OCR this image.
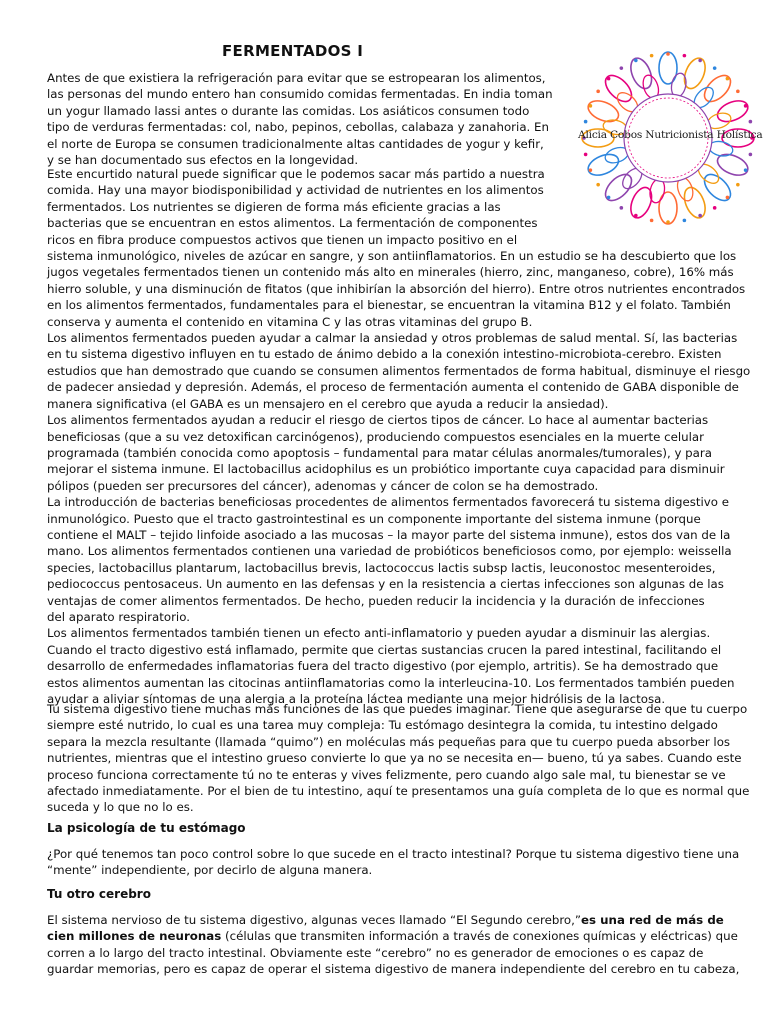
FERMENTADOS I
Alicia Cobos Nutricionista Holística
Antes de que existiera la refrigeración para evitar que se estropearan los alimentos,
las personas del mundo entero han consumido comidas fermentadas. En india toman
un yogur llamado lassi antes o durante las comidas. Los asiáticos consumen todo
tipo de verduras fermentadas: col, nabo, pepinos, cebollas, calabaza y zanahoria. En
el norte de Europa se consumen tradicionalmente altas cantidades de yogur y kefir,
y se han documentado sus efectos en la longevidad.
Este encurtido natural puede significar que le podemos sacar más partido a nuestra
comida. Hay una mayor biodisponibilidad y actividad de nutrientes en los alimentos
fermentados. Los nutrientes se digieren de forma más eficiente gracias a las
bacterias que se encuentran en estos alimentos. La fermentación de componentes
ricos en fibra produce compuestos activos que tienen un impacto positivo en el
sistema inmunológico, niveles de azúcar en sangre, y son antiinflamatorios. En un estudio se ha descubierto que los
jugos vegetales fermentados tienen un contenido más alto en minerales (hierro, zinc, manganeso, cobre), 16% más
hierro soluble, y una disminución de fitatos (que inhibirían la absorción del hierro). Entre otros nutrientes encontrados
en los alimentos fermentados, fundamentales para el bienestar, se encuentran la vitamina B12 y el folato. También
conserva y aumenta el contenido en vitamina C y las otras vitaminas del grupo B.
Los alimentos fermentados pueden ayudar a calmar la ansiedad y otros problemas de salud mental. Sí, las bacterias
en tu sistema digestivo influyen en tu estado de ánimo debido a la conexión intestino-microbiota-cerebro. Existen
estudios que han demostrado que cuando se consumen alimentos fermentados de forma habitual, disminuye el riesgo
de padecer ansiedad y depresión. Además, el proceso de fermentación aumenta el contenido de GABA disponible de
manera significativa (el GABA es un mensajero en el cerebro que ayuda a reducir la ansiedad).
Los alimentos fermentados ayudan a reducir el riesgo de ciertos tipos de cáncer. Lo hace al aumentar bacterias
beneficiosas (que a su vez detoxifican carcinógenos), produciendo compuestos esenciales en la muerte celular
programada (también conocida como apoptosis – fundamental para matar células anormales/tumorales), y para
mejorar el sistema inmune. El lactobacillus acidophilus es un probiótico importante cuya capacidad para disminuir
pólipos (pueden ser precursores del cáncer), adenomas y cáncer de colon se ha demostrado.
La introducción de bacterias beneficiosas procedentes de alimentos fermentados favorecerá tu sistema digestivo e
inmunológico. Puesto que el tracto gastrointestinal es un componente importante del sistema inmune (porque
contiene el MALT – tejido linfoide asociado a las mucosas – la mayor parte del sistema inmune), estos dos van de la
mano. Los alimentos fermentados contienen una variedad de probióticos beneficiosos como, por ejemplo: weissella
species, lactobacillus plantarum, lactobacillus brevis, lactococcus lactis subsp lactis, leuconostoc mesenteroides,
pediococcus pentosaceus. Un aumento en las defensas y en la resistencia a ciertas infecciones son algunas de las
ventajas de comer alimentos fermentados. De hecho, pueden reducir la incidencia y la duración de infecciones
del aparato respiratorio.
Los alimentos fermentados también tienen un efecto anti-inflamatorio y pueden ayudar a disminuir las alergias.
Cuando el tracto digestivo está inflamado, permite que ciertas sustancias crucen la pared intestinal, facilitando el
desarrollo de enfermedades inflamatorias fuera del tracto digestivo (por ejemplo, artritis). Se ha demostrado que
estos alimentos aumentan las citocinas antiinflamatorias como la interleucina-10. Los fermentados también pueden
ayudar a aliviar síntomas de una alergia a la proteína láctea mediante una mejor hidrólisis de la lactosa.
Tu sistema digestivo tiene muchas más funciones de las que puedes imaginar. Tiene que asegurarse de que tu cuerpo
siempre esté nutrido, lo cual es una tarea muy compleja: Tu estómago desintegra la comida, tu intestino delgado
separa la mezcla resultante (llamada “quimo”) en moléculas más pequeñas para que tu cuerpo pueda absorber los
nutrientes, mientras que el intestino grueso convierte lo que ya no se necesita en— bueno, tú ya sabes. Cuando este
proceso funciona correctamente tú no te enteras y vives felizmente, pero cuando algo sale mal, tu bienestar se ve
afectado inmediatamente. Por el bien de tu intestino, aquí te presentamos una guía completa de lo que es normal que
suceda y lo que no lo es.

La psicología de tu estómago

¿Por qué tenemos tan poco control sobre lo que sucede en el tracto intestinal? Porque tu sistema digestivo tiene una
“mente” independiente, por decirlo de alguna manera.

Tu otro cerebro

El sistema nervioso de tu sistema digestivo, algunas veces llamado “El Segundo cerebro,”es una red de más de
cien millones de neuronas (células que transmiten información a través de conexiones químicas y eléctricas) que
corren a lo largo del tracto intestinal. Obviamente este “cerebro” no es generador de emociones o es capaz de
guardar memorias, pero es capaz de operar el sistema digestivo de manera independiente del cerebro en tu cabeza,
